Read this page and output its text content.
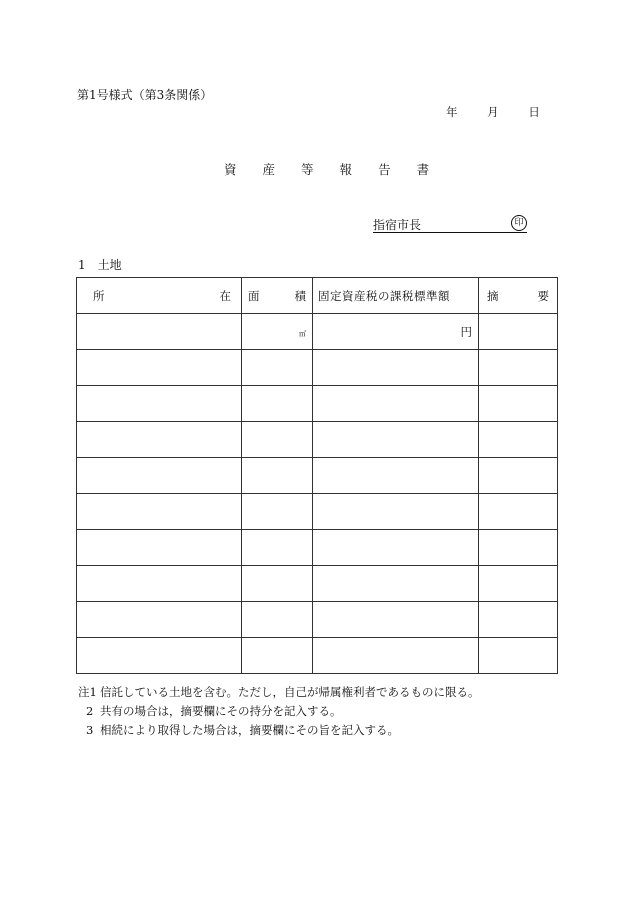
第1号様式（第3条関係）
年	月	日
資 産 等 報 告 書
指宿市長	印
1 土地
所 在	面 積	固定資産税の課税標準額	摘 要

	㎡	円	

注1 信託している土地を含む。ただし，自己が帰属権利者であるものに限る。
2 共有の場合は，摘要欄にその持分を記入する。
3 相続により取得した場合は，摘要欄にその旨を記入する。
